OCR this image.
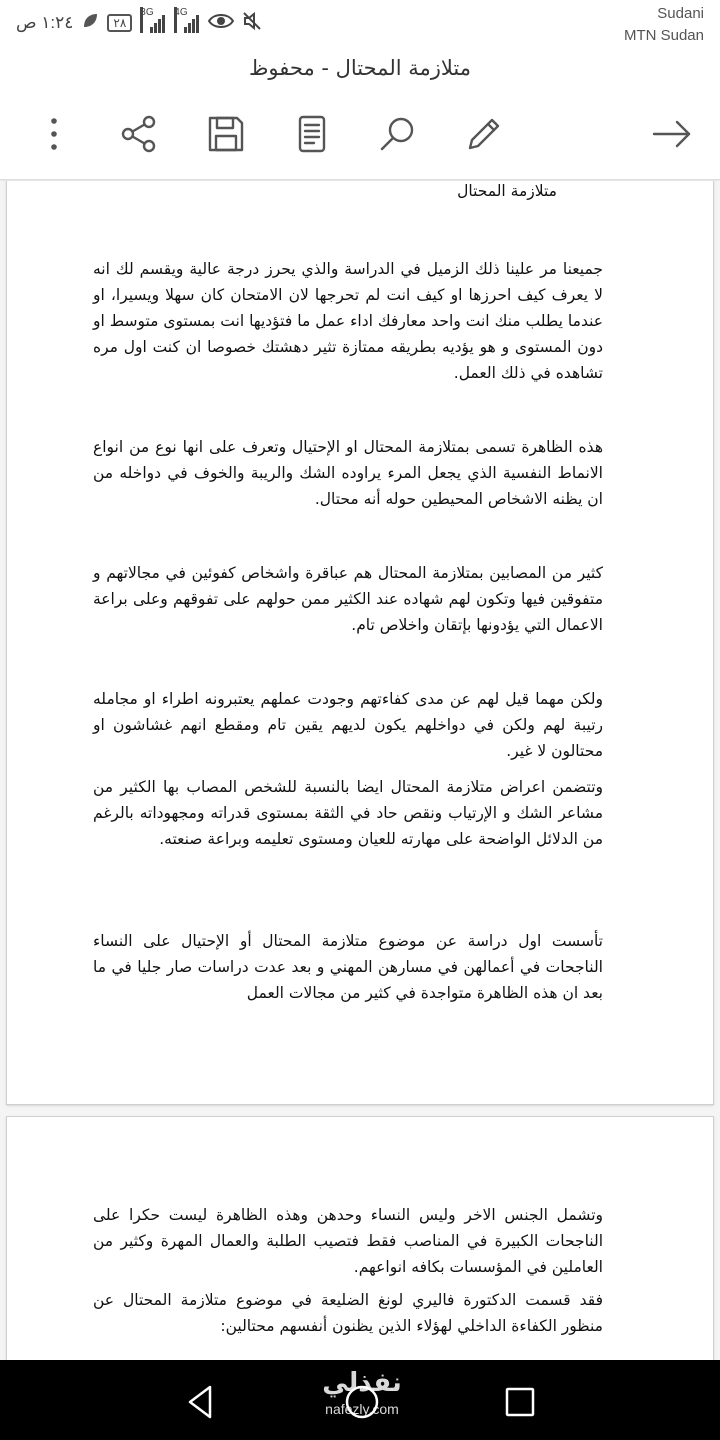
١:٢٤ ص	٢٨
3G 4G	Sudani
MTN Sudan
متلازمة المحتال - محفوظ
متلازمة المحتال

جميعنا مر علينا ذلك الزميل في الدراسة والذي يحرز درجة عالية ويقسم لك انه لا يعرف كيف احرزها او كيف انت لم تحرجها لان الامتحان كان سهلا ويسيرا، او عندما يطلب منك انت واحد معارفك اداء عمل ما فتؤديها انت بمستوى متوسط او دون المستوى و هو يؤديه بطريقه ممتازة تثير دهشتك خصوصا ان كنت اول مره تشاهده في ذلك العمل.

هذه الظاهرة تسمى بمتلازمة المحتال او الإحتيال وتعرف على انها نوع من انواع الانماط النفسية الذي يجعل المرء يراوده الشك والريبة والخوف في دواخله من ان يظنه الاشخاص المحيطين حوله أنه محتال.

كثير من المصابين بمتلازمة المحتال هم عباقرة واشخاص كفوئين في مجالاتهم و متفوقين فيها وتكون لهم شهاده عند الكثير ممن حولهم على تفوقهم وعلى براعة الاعمال التي يؤدونها بإتقان واخلاص تام.

ولكن مهما قيل لهم عن مدى كفاءتهم وجودت عملهم يعتبرونه اطراء او مجامله رتيبة لهم ولكن في دواخلهم يكون لديهم يقين تام ومقطع انهم غشاشون او محتالون لا غير.

وتتضمن اعراض متلازمة المحتال ايضا بالنسبة للشخص المصاب بها الكثير من مشاعر الشك و الإرتياب ونقص حاد في الثقة بمستوى قدراته ومجهوداته بالرغم من الدلائل الواضحة على مهارته للعيان ومستوى تعليمه وبراعة صنعته.

تأسست اول دراسة عن موضوع متلازمة المحتال أو الإحتيال على النساء الناجحات في أعمالهن في مسارهن المهني و بعد عدت دراسات صار جليا في ما بعد ان هذه الظاهرة متواجدة في كثير من مجالات العمل

وتشمل الجنس الاخر وليس النساء وحدهن وهذه الظاهرة ليست حكرا على الناجحات الكبيرة في المناصب فقط فتصيب الطلبة والعمال المهرة وكثير من العاملين في المؤسسات بكافه انواعهم.

فقد قسمت الدكتورة فاليري لونغ الضليعة في موضوع متلازمة المحتال عن منظور الكفاءة الداخلي لهؤلاء الذين يظنون أنفسهم محتالين:

نفذلي
nafezly.com
